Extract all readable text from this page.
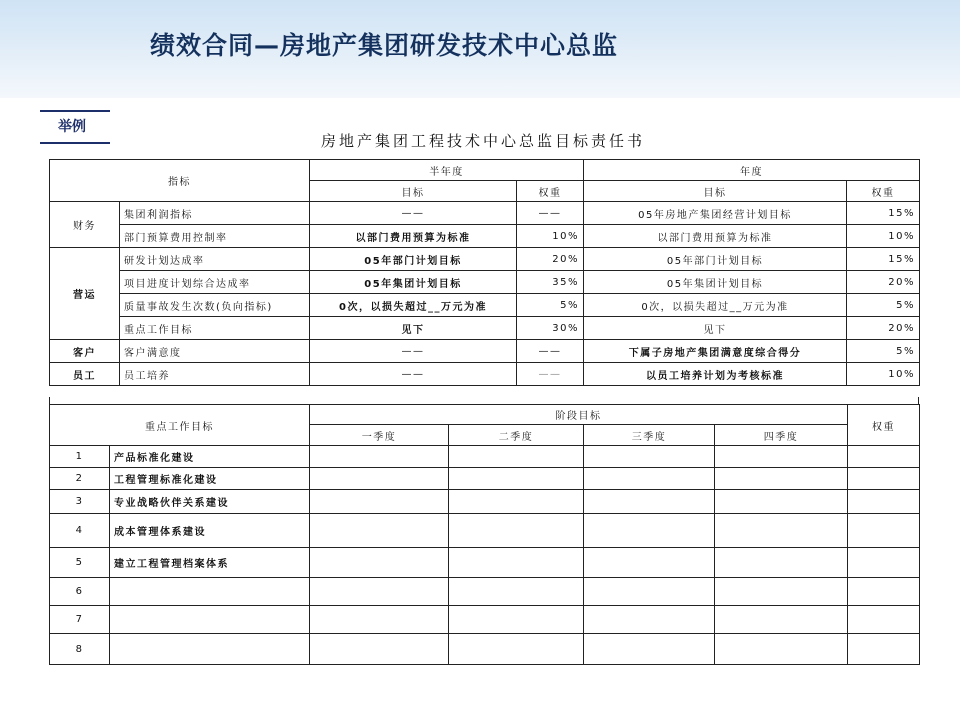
绩效合同—房地产集团研发技术中心总监
举例
房地产集团工程技术中心总监目标责任书
指标		半年度		年度	
		目标	权重	目标	权重
财务	集团利润指标	——	——	05年房地产集团经营计划目标	15%
	部门预算费用控制率	以部门费用预算为标准	10%	以部门费用预算为标准	10%
营运	研发计划达成率	05年部门计划目标	20%	05年部门计划目标	15%
	项目进度计划综合达成率	05年集团计划目标	35%	05年集团计划目标	20%
	质量事故发生次数(负向指标)	0次，以损失超过__万元为准	5%	0次，以损失超过__万元为准	5%
	重点工作目标	见下	30%	见下	20%
客户	客户满意度	——	——	下属子房地产集团满意度综合得分	5%
员工	员工培养	——	——	以员工培养计划为考核标准	10%
重点工作目标		阶段目标				权重
		一季度	二季度	三季度	四季度	
1	产品标准化建设					
2	工程管理标准化建设					
3	专业战略伙伴关系建设					
4	成本管理体系建设					
5	建立工程管理档案体系					
6						
7						
8						
